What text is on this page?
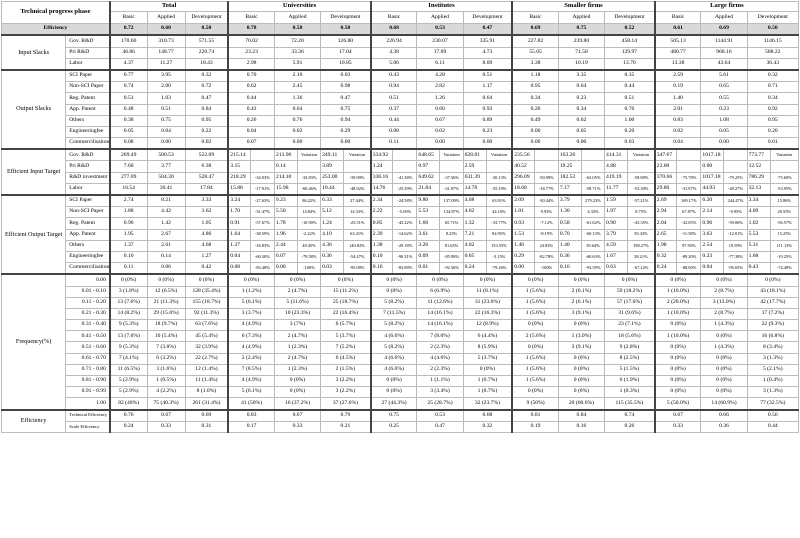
Technical progress phase		Total			Universities						Institutes						Smaller firms						Large firms					
		Basic	Applied	Development	Basic		Applied		Development		Basic		Applied		Development		Basic		Applied		Development		Basic		Applied		Development	
Efficiency		0.72	0.60	0.50	0.78		0.58		0.50		0.68		0.53		0.47		0.69		0.75		0.52		0.61		0.69		0.50	
Input Slacks	Gov. R&D	170.60	310.73	571.55	76.02		72.20		126.80		226.94		230.07		335.91		227.82		239.80		458.14		505.13		1144.91		1146.15	
	Pri R&D	46.86	148.77	220.74	23.23		33.36		17.04		4.38		17.09		4.73		55.05		71.58		129.97		480.77		968.16		588.22	
	Labor	4.37	11.27	18.43	2.98		5.91		10.85		5.06		6.11		8.09		3.38		10.19		13.70		13.38		43.64		36.43	
Output Slacks	SCI Paper	0.77	3.95	0.32	0.70		2.10		0.03		0.43		4.28		0.51		1.18		3.35		0.35		2.59		5.61		0.32	
	Non-SCI Paper	0.74	2.00	0.72	0.62		2.45		0.98		0.94		2.82		1.17		0.95		0.64		0.44		0.19		0.65		0.71	
	Reg. Patent	0.51	1.03	0.47	0.44		1.36		0.47		0.51		1.26		0.64		0.34		0.23		0.51		1.40		0.55		0.34	
	App. Patent	0.48	0.51	0.84	0.43		0.64		0.75		0.37		0.60		0.93		0.26		0.34		0.76		2.01		0.23		0.92	
	Others	0.38	0.75	0.95	0.26		0.76		0.94		0.44		0.67		0.89		0.49		0.62		1.00		0.83		1.08		0.95	
	Engineeringfee	0.05	0.04	0.22	0.04		0.02		0.29		0.08		0.02		0.23		0.00		0.05		0.20		0.02		0.05		0.20	
	Commercilisaiton	0.08	0.00	0.02	0.07		0.00		0.00		0.11		0.00		0.00		0.00		0.00		0.03		0.04		0.00		0.01	
Efficient Input Target	Gov. R&D	269.49	500.53	522.09	215.14		213.96	Variation	249.11	Variation	334.92		648.65	Variation	628.81	Variation	235.56		163.26		414.31	Variation	347.67		1017.18		773.77	Variation
	Pri R&D	7.60	3.77	6.38	3.15		0.14		3.89		1.24		0.97		2.59		40.52		19.25		4.88		23.00		0.00		12.52	
	R&D investment	277.09	504.30	528.47	218.29	-34.03%	214.10	-33.83%	253.00	-39.90%	336.16	-41.38%	649.62	-27.56%	631.39	-30.13%	296.09	-50.99%	182.52	-63.05%	419.19	-58.89%	370.66	-75.78%	1017.18	-79.25%	786.29	-75.60%
	Labor	16.54	30.41	17.84	15.88	-17.91%	15.98	-60.46%	10.44	-48.92%	14.76	-25.39%	21.84	-21.87%	14.78	-35.19%	18.68	-18.77%	7.17	-58.71%	11.77	-53.30%	29.80	-31.97%	44.93	-49.27%	32.13	-53.95%
Efficient Output Target	SCI Paper	2.74	8.21	3.33	3.24	-27.63%	9.23	86.22%	6.33	27.44%	2.34	-24.58%	9.80	137.09%	4.68	63.91%	2.09	-30.44%	3.79	279.23%	1.59	-57.21%	2.69	169.17%	6.20	244.47%	3.34	15.86%
	Non-SCI Paper	1.88	4.42	3.62	1.70	-31.47%	5.50	14.84%	5.12	14.33%	2.22	-5.69%	5.53	134.87%	4.62	44.10%	1.01	9.93%	1.30	4.33%	1.97	8.75%	2.94	67.87%	2.14	-9.95%	4.09	29.55%
	Reg. Patent	0.96	1.42	1.05	0.91	-57.67%	1.78	-10.90%	1.24	-25.51%	0.85	-45.22%	1.66	65.71%	1.32	-33.77%	0.93	-7.12%	0.58	-61.62%	0.90	-43.35%	2.04	-32.05%	0.96	-59.06%	1.02	-56.57%
	App. Patent	1.95	2.67	4.86	1.64	-38.59%	1.96	-2.22%	4.10	63.41%	2.39	-14.62%	3.61	8.25%	7.21	84.95%	1.53	-8.19%	0.70	-60.13%	3.79	59.43%	2.65	-11.58%	3.63	-12.01%	5.53	15.25%
	Others	1.37	2.61	4.68	1.27	-16.83%	2.44	48.45%	4.36	140.82%	1.38	-29.18%	3.26	81.63%	4.02	153.55%	1.46	24.83%	1.40	39.64%	4.59	198.27%	1.98	97.93%	2.54	19.59%	5.31	111.13%
	Engineeringfee	0.10	0.14	1.27	0.04	-60.30%	0.07	-79.58%	0.36	-54.47%	0.10	-90.31%	0.09	-85.90%	0.65	-3.15%	0.29	-82.78%	0.36	-68.63%	1.67	38.21%	0.32	-89.20%	0.23	-77.38%	1.68	-19.25%
	Commercilisaiton	0.11	0.06	0.42	0.08	-83.48%	0.00	-100%	0.03	-95.08%	0.16	-83.88%	0.01	-92.56%	0.24	-79.26%	0.00	-100%	0.16	-93.59%	0.63	-67.22%	0.24	-88.00%	0.04	-95.65%	0.43	-74.48%
Frequency(%)	0.00	0 (0%)	0 (0%)	0 (0%)	0 (0%)		0 (0%)		0 (0%)		0 (0%)		0 (0%)		0 (0%)		0 (0%)		0 (0%)		0 (0%)		0 (0%)		0 (0%)		0 (0%)	
	0.01 - 0.10	3 (1.8%)	12 (6.5%)	128 (35.4%)	1 (1.2%)		2 (4.7%)		15 (11.2%)		0 (0%)		6 (6.9%)		11 (8.1%)		1 (5.6%)		2 (6.1%)		59 (18.2%)		1 (10.0%)		2 (8.7%)		43 (18.1%)	
	0.11 - 0.20	13 (7.6%)	21 (11.3%)	155 (18.7%)	5 (6.1%)		5 (11.6%)		25 (18.7%)		5 (8.2%)		11 (12.6%)		31 (23.0%)		1 (5.6%)		2 (6.1%)		57 (17.6%)		2 (20.0%)		3 (13.0%)		42 (17.7%)	
	0.21 - 0.30	14 (8.2%)	29 (15.6%)	92 (11.3%)	3 (3.7%)		10 (23.3%)		22 (16.4%)		7 (11.5%)		14 (16.1%)		22 (16.3%)		1 (5.6%)		3 (9.1%)		31 (9.6%)		1 (10.0%)		2 (8.7%)		17 (7.2%)	
	0.31 - 0.40	9 (5.3%)	18 (9.7%)	63 (7.6%)	4 (4.9%)		3 (7%)		6 (5.7%)		5 (8.2%)		14 (16.1%)		12 (8.9%)		0 (0%)		0 (0%)		23 (7.1%)		0 (0%)		1 (4.3%)		22 (9.3%)	
	0.41 - 0.50	13 (7.6%)	10 (5.4%)	45 (5.4%)	6 (7.3%)		2 (4.7%)		5 (3.7%)		4 (6.6%)		7 (8.0%)		6 (4.4%)		2 (5.6%)		1 (3.0%)		18 (5.6%)		1 (10.0%)		0 (0%)		16 (6.8%)	
	0.51 - 0.60	9 (5.3%)	7 (3.8%)	32 (3.9%)	4 (4.9%)		1 (2.3%)		7 (5.2%)		5 (8.2%)		2 (2.3%)		8 (5.9%)		0 (0%)		3 (9.1%)		9 (2.8%)		0 (0%)		1 (4.3%)		8 (3.4%)	
	0.61 - 0.70	7 (4.1%)	6 (3.2%)	22 (2.7%)	2 (2.4%)		2 (4.7%)		6 (4.5%)		4 (6.6%)		4 (4.6%)		5 (3.7%)		1 (5.6%)		0 (0%)		8 (2.5%)		0 (0%)		0 (0%)		3 (1.3%)	
	0.71 - 0.80	11 (6.5%)	3 (1.6%)	12 (1.4%)	7 (8.5%)		1 (2.3%)		2 (1.5%)		4 (6.6%)		2 (2.3%)		0 (0%)		1 (5.6%)		0 (0%)		5 (1.5%)		0 (0%)		0 (0%)		5 (2.1%)	
	0.81 - 0.90	5 (2.9%)	1 (0.5%)	11 (1.4%)	4 (4.9%)		0 (0%)		3 (2.2%)		0 (0%)		1 (1.1%)		1 (0.7%)		1 (5.6%)		0 (0%)		6 (1.9%)		0 (0%)		0 (0%)		1 (0.4%)	
	0.91 - 0.99	5 (2.9%)	4 (2.2%)	8 (1.0%)	5 (6.1%)		0 (0%)		3 (2.2%)		0 (0%)		3 (3.4%)		1 (0.7%)		0 (0%)		0 (0%)		1 (0.3%)		0 (0%)		0 (0%)		3 (1.3%)	
	1.00	82 (48%)	75 (40.3%)	261 (31.4%)	41 (50%)		16 (37.2%)		37 (27.6%)		27 (44.3%)		25 (28.7%)		32 (23.7%)		9 (50%)		20 (60.6%)		115 (35.5%)		5 (50.0%)		14 (60.9%)		77 (32.5%)	
Efficiency	Technical Efficiency	0.76	0.67	0.69	0.83		0.67		0.79		0.75		0.53		0.68		0.81		0.84		0.74		0.67		0.66		0.56	
	Scale Efficiency	0.24	0.33	0.31	0.17		0.33		0.21		0.25		0.47		0.32		0.19		0.16		0.26		0.33		0.36		0.44	
